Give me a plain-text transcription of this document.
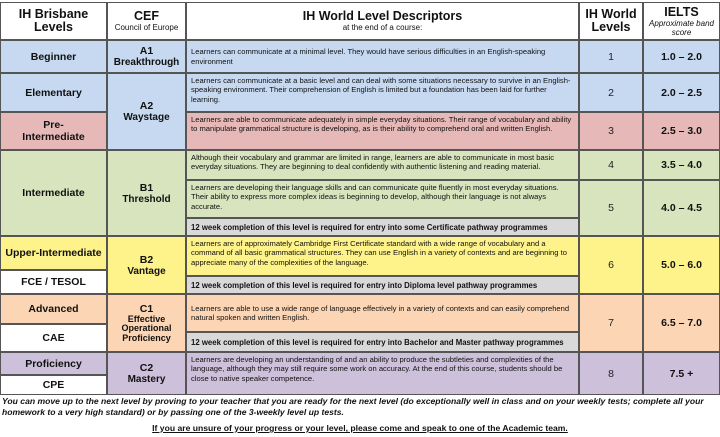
IH Brisbane Levels
CEF
Council of Europe
IH World Level Descriptors
at the end of a course:
IH World Levels
IELTS
Approximate band score
Beginner
Elementary
Pre-Intermediate
Intermediate
Upper-Intermediate
FCE / TESOL
Advanced
CAE
Proficiency
CPE
A1
Breakthrough
A2
Waystage
B1
Threshold
B2
Vantage
C1
Effective Operational Proficiency
C2
Mastery
Learners can communicate at a minimal level. They would have serious difficulties in an English-speaking environment
Learners can communicate at a basic level and can deal with some situations necessary to survive in an English-speaking environment. Their comprehension of English is limited but a foundation has been laid for further learning.
Learners are able to communicate adequately in simple everyday situations. Their range of vocabulary and ability to manipulate grammatical structure is developing, as is their ability to comprehend oral and written English.
Although their vocabulary and grammar are limited in range, learners are able to communicate in most basic everyday situations. They are beginning to deal confidently with authentic listening and reading material.
Learners are developing their language skills and can communicate quite fluently in most everyday situations. Their ability to express more complex ideas is beginning to develop, although their language is not always accurate.
12 week completion of this level is required for entry into some Certificate pathway programmes
Learners are of approximately Cambridge First Certificate standard with a wide range of vocabulary and a command of all basic grammatical structures. They can use English in a variety of contexts and are beginning to appreciate many of the complexities of the language.
12 week completion of this level is required for entry into Diploma level pathway programmes
Learners are able to use a wide range of language effectively in a variety of contexts and can easily comprehend natural spoken and written English.
12 week completion of this level is required for entry into Bachelor and Master pathway programmes
Learners are developing an understanding of and an ability to produce the subtleties and complexities of the language, although they may still require some work on accuracy. At the end of this course, students should be close to native speaker competence.
1
2
3
4
5
6
7
8
1.0 – 2.0
2.0 – 2.5
2.5 – 3.0
3.5 – 4.0
4.0 – 4.5
5.0 – 6.0
6.5 – 7.0
7.5 +
You can move up to the next level by proving to your teacher that you are ready for the next level (do exceptionally well in class and on your weekly tests; complete all your homework to a very high standard) or by passing one of the 3-weekly level up tests.
If you are unsure of your progress or your level, please come and speak to one of the Academic team.
